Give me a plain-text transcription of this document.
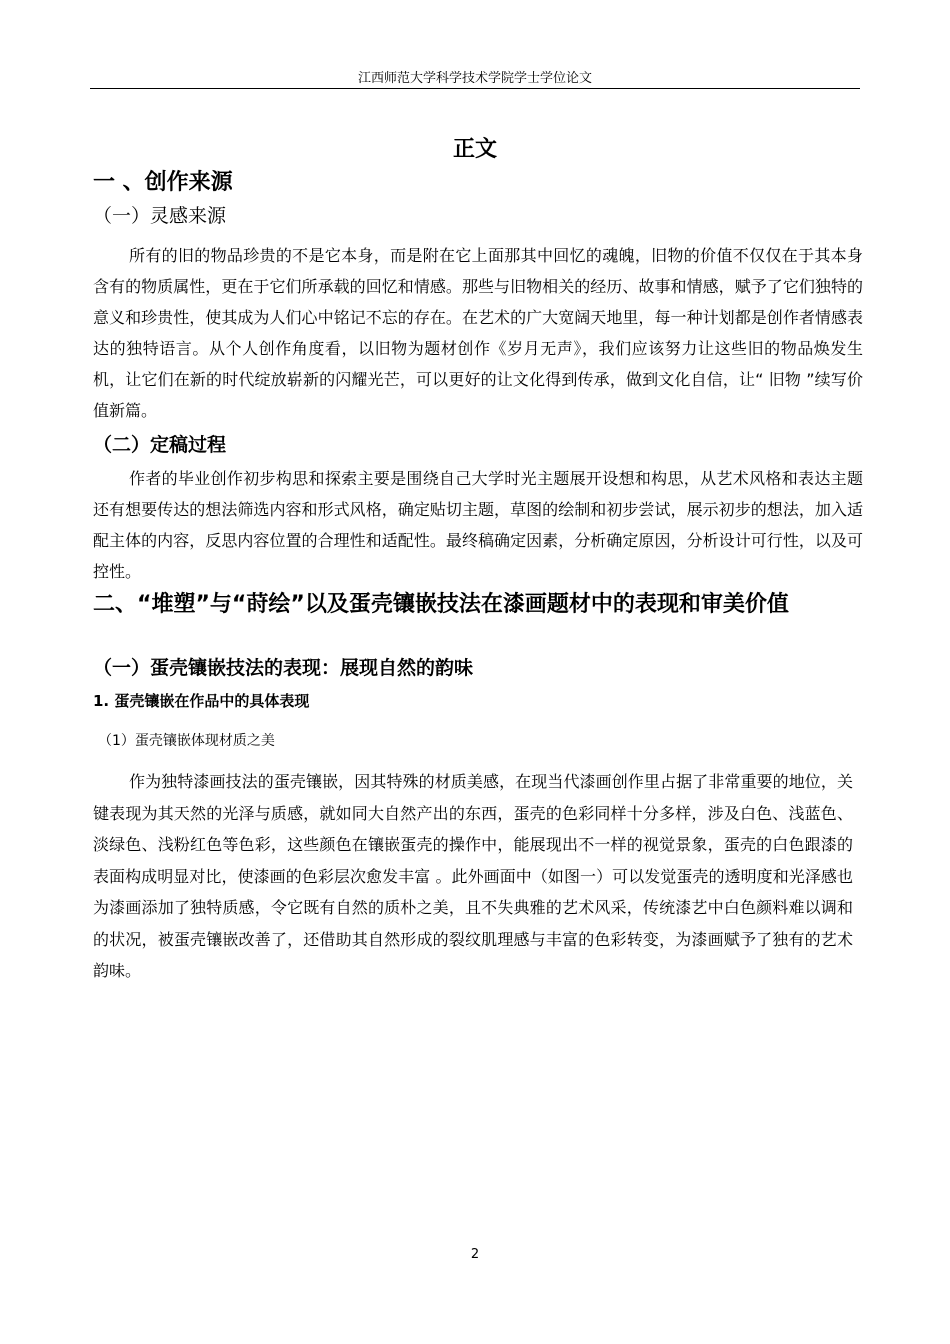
江西师范大学科学技术学院学士学位论文
正文
一 、创作来源
（一）灵感来源

所有的旧的物品珍贵的不是它本身，而是附在它上面那其中回忆的魂魄，旧物的价值不仅仅在于其本身含有的物质属性，更在于它们所承载的回忆和情感。那些与旧物相关的经历、故事和情感，赋予了它们独特的意义和珍贵性，使其成为人们心中铭记不忘的存在。在艺术的广大宽阔天地里，每一种计划都是创作者情感表达的独特语言。从个人创作角度看，以旧物为题材创作《岁月无声》，我们应该努力让这些旧的物品焕发生机，让它们在新的时代绽放崭新的闪耀光芒，可以更好的让文化得到传承，做到文化自信，让“ 旧物 ”续写价值新篇。

（二）定稿过程

作者的毕业创作初步构思和探索主要是围绕自己大学时光主题展开设想和构思，从艺术风格和表达主题还有想要传达的想法筛选内容和形式风格，确定贴切主题，草图的绘制和初步尝试，展示初步的想法，加入适配主体的内容，反思内容位置的合理性和适配性。最终稿确定因素，分析确定原因，分析设计可行性，以及可控性。

二、“堆塑”与“莳绘”以及蛋壳镶嵌技法在漆画题材中的表现和审美价值
（一）蛋壳镶嵌技法的表现：展现自然的韵味
1. 蛋壳镶嵌在作品中的具体表现
（1）蛋壳镶嵌体现材质之美

作为独特漆画技法的蛋壳镶嵌，因其特殊的材质美感，在现当代漆画创作里占据了非常重要的地位，关键表现为其天然的光泽与质感，就如同大自然产出的东西，蛋壳的色彩同样十分多样，涉及白色、浅蓝色、淡绿色、浅粉红色等色彩，这些颜色在镶嵌蛋壳的操作中，能展现出不一样的视觉景象，蛋壳的白色跟漆的表面构成明显对比，使漆画的色彩层次愈发丰富 。此外画面中（如图一）可以发觉蛋壳的透明度和光泽感也为漆画添加了独特质感，令它既有自然的质朴之美，且不失典雅的艺术风采，传统漆艺中白色颜料难以调和的状况，被蛋壳镶嵌改善了，还借助其自然形成的裂纹肌理感与丰富的色彩转变，为漆画赋予了独有的艺术韵味。

2
